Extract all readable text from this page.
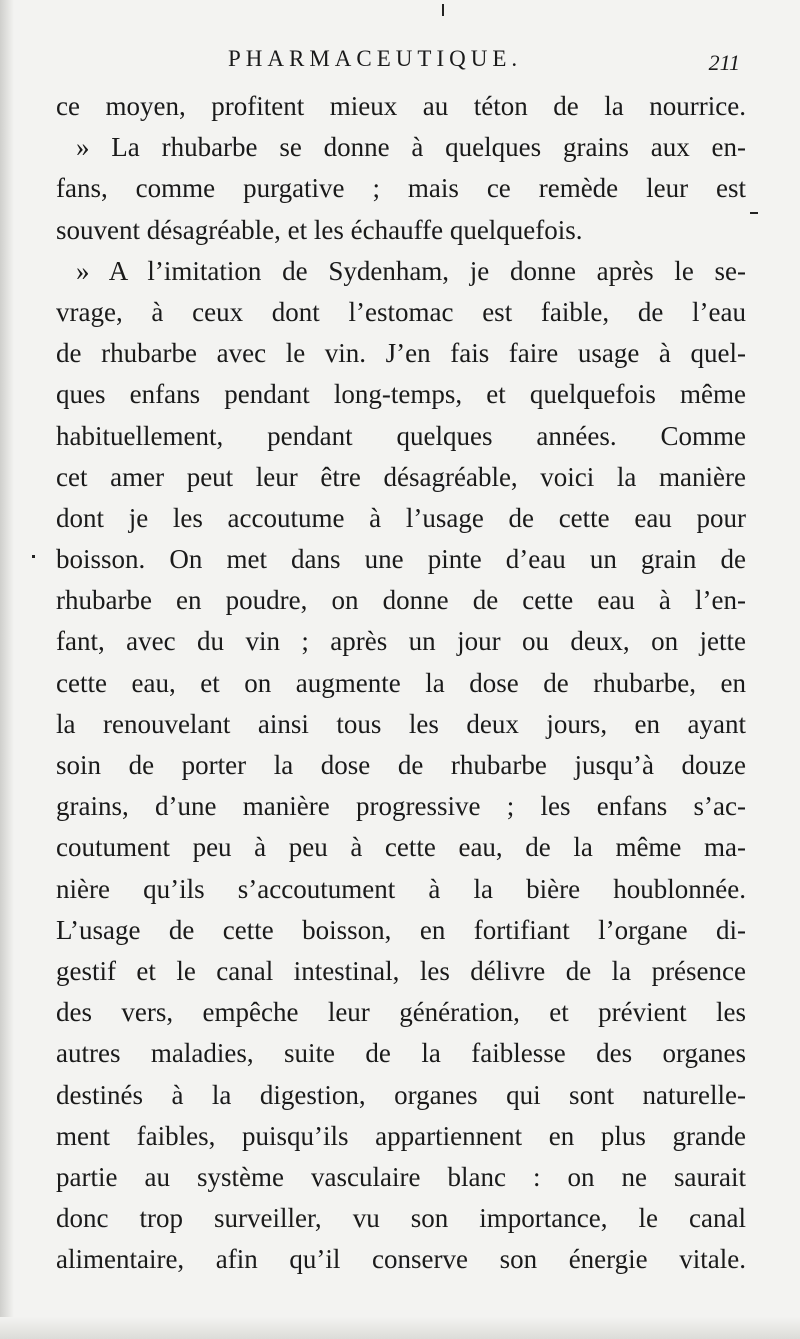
PHARMACEUTIQUE.	211
ce moyen, profitent mieux au téton de la nourrice.
» La rhubarbe se donne à quelques grains aux en-
fans, comme purgative ; mais ce remède leur est
souvent désagréable, et les échauffe quelquefois.
» A l’imitation de Sydenham, je donne après le se-
vrage, à ceux dont l’estomac est faible, de l’eau
de rhubarbe avec le vin. J’en fais faire usage à quel-
ques enfans pendant long-temps, et quelquefois même
habituellement, pendant quelques années. Comme
cet amer peut leur être désagréable, voici la manière
dont je les accoutume à l’usage de cette eau pour
boisson. On met dans une pinte d’eau un grain de
rhubarbe en poudre, on donne de cette eau à l’en-
fant, avec du vin ; après un jour ou deux, on jette
cette eau, et on augmente la dose de rhubarbe, en
la renouvelant ainsi tous les deux jours, en ayant
soin de porter la dose de rhubarbe jusqu’à douze
grains, d’une manière progressive ; les enfans s’ac-
coutument peu à peu à cette eau, de la même ma-
nière qu’ils s’accoutument à la bière houblonnée.
L’usage de cette boisson, en fortifiant l’organe di-
gestif et le canal intestinal, les délivre de la présence
des vers, empêche leur génération, et prévient les
autres maladies, suite de la faiblesse des organes
destinés à la digestion, organes qui sont naturelle-
ment faibles, puisqu’ils appartiennent en plus grande
partie au système vasculaire blanc : on ne saurait
donc trop surveiller, vu son importance, le canal
alimentaire, afin qu’il conserve son énergie vitale.
